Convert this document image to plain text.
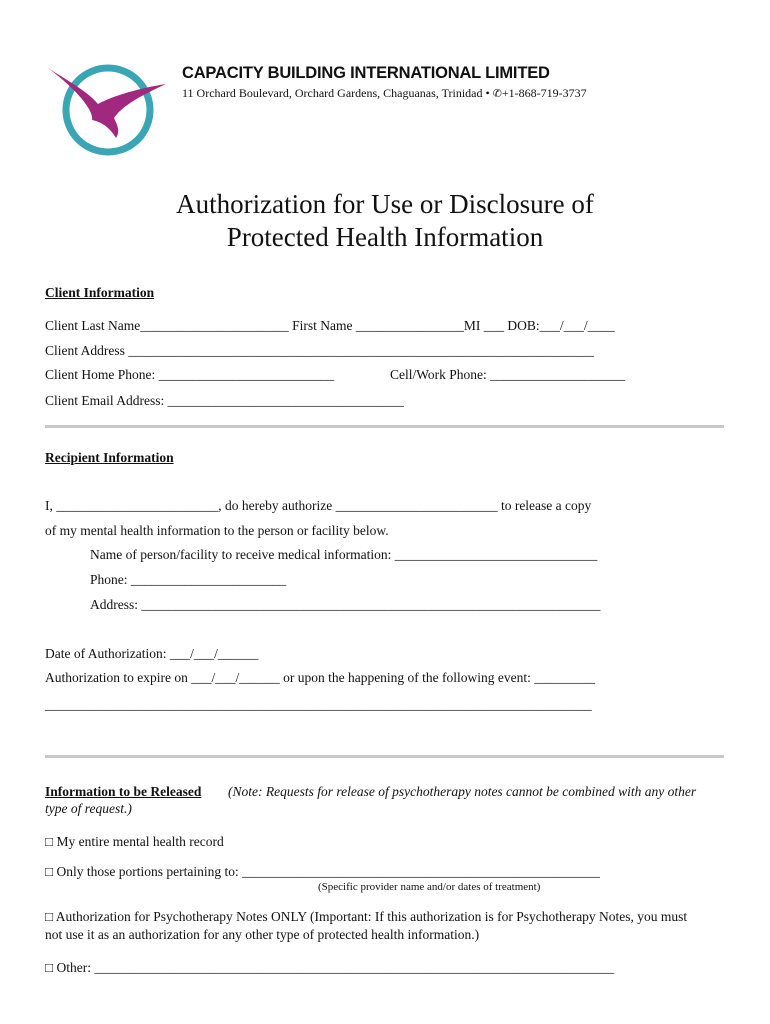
CAPACITY BUILDING INTERNATIONAL LIMITED
11 Orchard Boulevard, Orchard Gardens, Chaguanas, Trinidad • ✆+1-868-719-3737
Authorization for Use or Disclosure of
Protected Health Information
Client Information
Client Last Name______________________ First Name ________________MI ___ DOB:___/___/____
Client Address _____________________________________________________________________
Client Home Phone: __________________________	Cell/Work Phone: ____________________
Client Email Address: ___________________________________
Recipient Information
I, ________________________, do hereby authorize ________________________ to release a copy
of my mental health information to the person or facility below.
Name of person/facility to receive medical information: ______________________________
Phone: _______________________
Address: ____________________________________________________________________
Date of Authorization: ___/___/______
Authorization to expire on ___/___/______ or upon the happening of the following event: _________
_________________________________________________________________________________
Information to be Released (Note: Requests for release of psychotherapy notes cannot be combined with any other
type of request.)
□ My entire mental health record
□ Only those portions pertaining to: _____________________________________________________
(Specific provider name and/or dates of treatment)
□ Authorization for Psychotherapy Notes ONLY (Important: If this authorization is for Psychotherapy Notes, you must
not use it as an authorization for any other type of protected health information.)
□ Other: _____________________________________________________________________________
